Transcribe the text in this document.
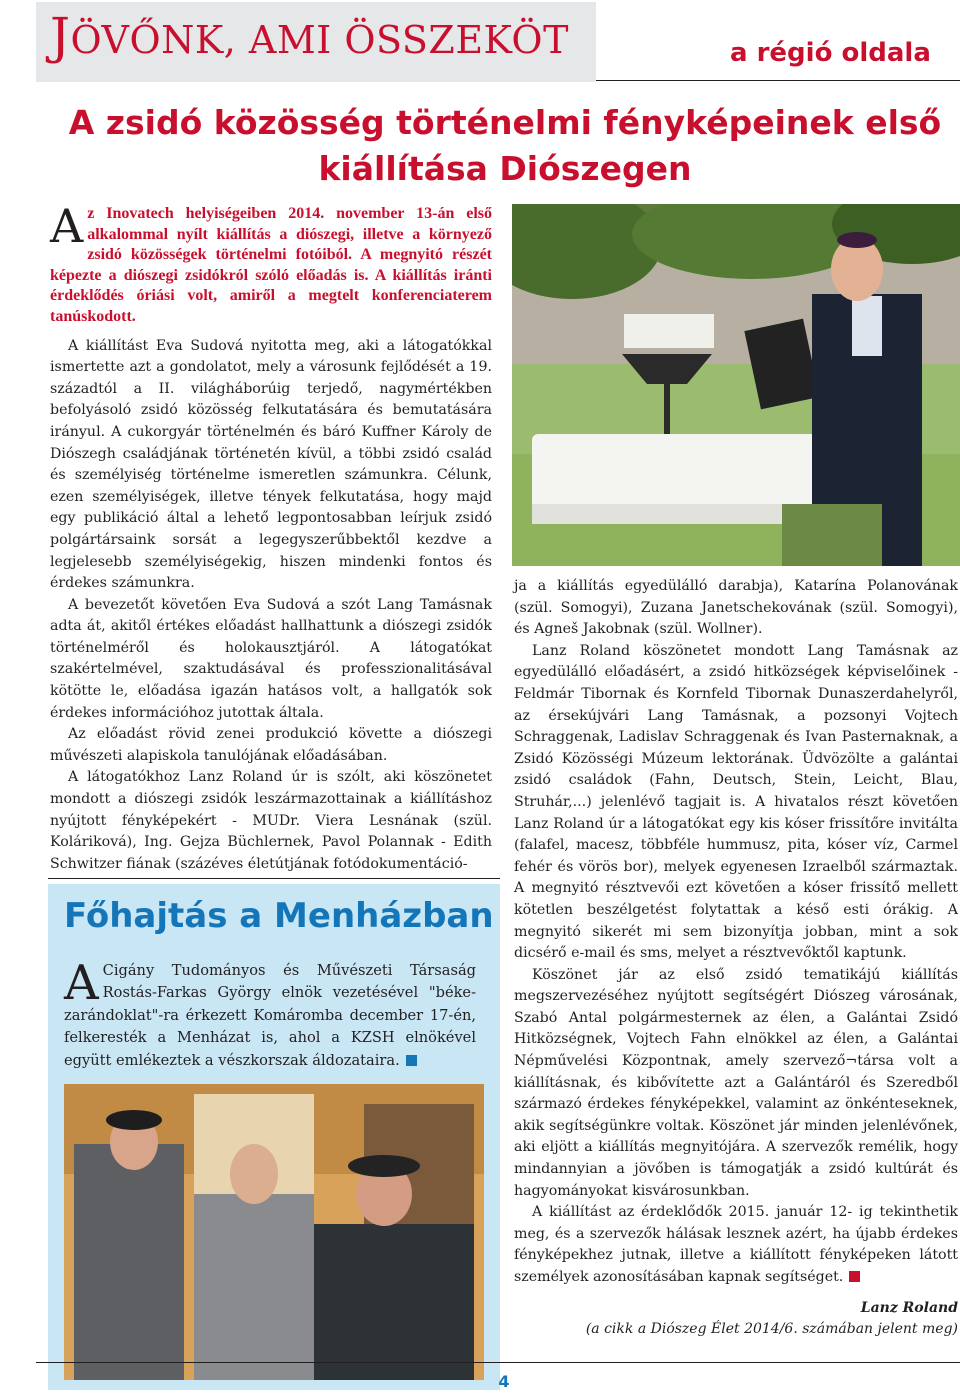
JÖVŐNK, AMI ÖSSZEKÖT	a régió oldala
A zsidó közösség történelmi fényképeinek első
kiállítása Diószegen

Az Inovatech helyiségeiben 2014. november 13-án első alkalommal nyílt kiállítás a diószegi, illetve a környező zsidó közösségek történelmi fotóiból. A megnyitó részét képezte a diószegi zsidókról szóló előadás is. A kiállítás iránti érdeklődés óriási volt, amiről a megtelt konferenciaterem tanúskodott.

A kiállítást Eva Sudová nyitotta meg, aki a látogatókkal ismertette azt a gondolatot, mely a városunk fejlődését a 19. századtól a II. világháborúig terjedő, nagymértékben befolyásoló zsidó közösség felkutatására és bemutatására irányul. A cukorgyár történelmén és báró Kuffner Károly de Diószegh családjának történetén kívül, a többi zsidó család és személyiség történelme ismeretlen számunkra. Célunk, ezen személyiségek, illetve tények felkutatása, hogy majd egy publikáció által a lehető legpontosabban leírjuk zsidó polgártársaink sorsát a legegyszerűbbektől kezdve a legjelesebb személyiségekig, hiszen mindenki fontos és érdekes számunkra.

A bevezetőt követően Eva Sudová a szót Lang Tamásnak adta át, akitől értékes előadást hallhattunk a diószegi zsidók történelméről és holokausztjáról. A látogatókat szakértelmével, szaktudásával és professzionalitásával kötötte le, előadása igazán hatásos volt, a hallgatók sok érdekes információhoz jutottak általa.

Az előadást rövid zenei produkció követte a diószegi művészeti alapiskola tanulójának előadásában.

A látogatókhoz Lanz Roland úr is szólt, aki köszönetet mondott a diószegi zsidók leszármazottainak a kiállításhoz nyújtott fényképekért - MUDr. Viera Lesnának (szül. Koláriková), Ing. Gejza Büchlernek, Pavol Polannak - Edith Schwitzer fiának (százéves életútjának fotódokumentáció-

ja a kiállítás egyedülálló darabja), Katarína Polanovának (szül. Somogyi), Zuzana Janetschekovának (szül. Somogyi), és Agneš Jakobnak (szül. Wollner).

Lanz Roland köszönetet mondott Lang Tamásnak az egyedülálló előadásért, a zsidó hitközségek képviselőinek - Feldmár Tibornak és Kornfeld Tibornak Dunaszerdahelyről, az érsekújvári Lang Tamásnak, a pozsonyi Vojtech Schraggenak, Ladislav Schraggenak és Ivan Pasternaknak, a Zsidó Közösségi Múzeum lektorának. Üdvözölte a galántai zsidó családok (Fahn, Deutsch, Stein, Leicht, Blau, Struhár,...) jelenlévő tagjait is. A hivatalos részt követően Lanz Roland úr a látogatókat egy kis kóser frissítőre invitálta (falafel, macesz, többféle hummusz, pita, kóser víz, Carmel fehér és vörös bor), melyek egyenesen Izraelből származtak. A megnyitó résztvevői ezt követően a kóser frissítő mellett kötetlen beszélgetést folytattak a késő esti órákig. A megnyitó sikerét mi sem bizonyítja jobban, mint a sok dicsérő e-mail és sms, melyet a résztvevőktől kaptunk.

Köszönet jár az első zsidó tematikájú kiállítás megszervezéséhez nyújtott segítségért Diószeg városának, Szabó Antal polgármesternek az élen, a Galántai Zsidó Hitközségnek, Vojtech Fahn elnökkel az élen, a Galántai Népművelési Központnak, amely szervező¬társa volt a kiállításnak, és kibővítette azt a Galántáról és Szeredből származó érdekes fényképekkel, valamint az önkénteseknek, akik segítségünkre voltak. Köszönet jár minden jelenlévőnek, aki eljött a kiállítás megnyitójára. A szervezők remélik, hogy mindannyian a jövőben is támogatják a zsidó kultúrát és hagyományokat kisvárosunkban.

A kiállítást az érdeklődők 2015. január 12- ig tekinthetik meg, és a szervezők hálásak lesznek azért, ha újabb érdekes fényképekhez jutnak, illetve a kiállított fényképeken látott személyek azonosításában kapnak segítséget.

Lanz Roland
(a cikk a Diószeg Élet 2014/6. számában jelent meg)
Főhajtás a Menházban
A Cigány Tudományos és Művészeti Társaság Rostás-Farkas György elnök vezetésével "béke-zarándoklat"-ra érkezett Komáromba december 17-én, felkeresték a Menházat is, ahol a KZSH elnökével együtt emlékeztek a vészkorszak áldozataira.
4
